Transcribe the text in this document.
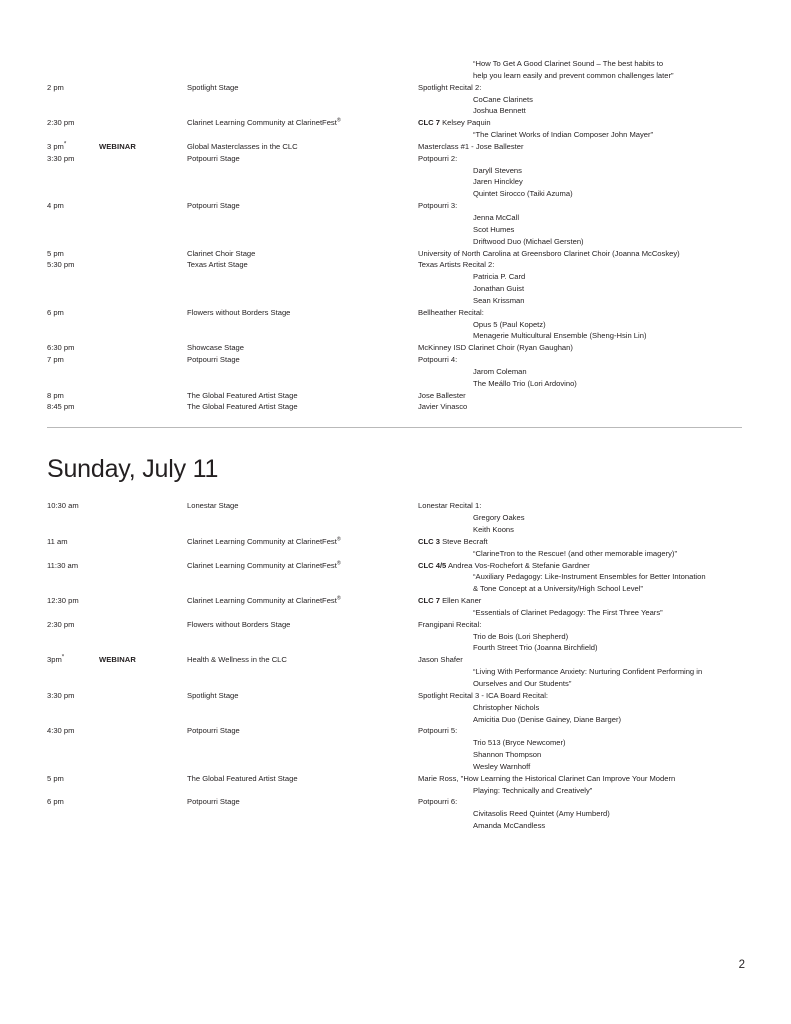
			“How To Get A Good Clarinet Sound – The best habits to
help you learn easily and prevent common challenges later”

2 pm		Spotlight Stage	Spotlight Recital 2:
CoCane Clarinets
Joshua Bennett

2:30 pm		Clarinet Learning Community at ClarinetFest®	CLC 7 Kelsey Paquin
“The Clarinet Works of Indian Composer John Mayer”

3 pm*	WEBINAR	Global Masterclasses in the CLC	Masterclass #1 - Jose Ballester

3:30 pm		Potpourri Stage	Potpourri 2:
Daryll Stevens
Jaren Hinckley
Quintet Sirocco (Taiki Azuma)

4 pm		Potpourri Stage	Potpourri 3:
Jenna McCall
Scot Humes
Driftwood Duo (Michael Gersten)

5 pm		Clarinet Choir Stage	University of North Carolina at Greensboro Clarinet Choir (Joanna McCoskey)

5:30 pm		Texas Artist Stage	Texas Artists Recital 2:
Patricia P. Card
Jonathan Guist
Sean Krissman

6 pm		Flowers without Borders Stage	Bellheather Recital:
Opus 5 (Paul Kopetz)
Menagerie Multicultural Ensemble (Sheng-Hsin Lin)

6:30 pm		Showcase Stage	McKinney ISD Clarinet Choir (Ryan Gaughan)

7 pm		Potpourri Stage	Potpourri 4:
Jarom Coleman
The Meállo Trio (Lori Ardovino)

8 pm		The Global Featured Artist Stage	Jose Ballester

8:45 pm		The Global Featured Artist Stage	Javier Vinasco
Sunday, July 11
10:30 am		Lonestar Stage	Lonestar Recital 1:
Gregory Oakes
Keith Koons

11 am		Clarinet Learning Community at ClarinetFest®	CLC 3 Steve Becraft
“ClarineTron to the Rescue! (and other memorable imagery)”

11:30 am		Clarinet Learning Community at ClarinetFest®	CLC 4/5 Andrea Vos-Rochefort & Stefanie Gardner
“Auxiliary Pedagogy: Like-Instrument Ensembles for Better Intonation
& Tone Concept at a University/High School Level”

12:30 pm		Clarinet Learning Community at ClarinetFest®	CLC 7 Ellen Kaner
“Essentials of Clarinet Pedagogy: The First Three Years”

2:30 pm		Flowers without Borders Stage	Frangipani Recital:
Trio de Bois (Lori Shepherd)
Fourth Street Trio (Joanna Birchfield)

3pm*	WEBINAR	Health & Wellness in the CLC	Jason Shafer
“Living With Performance Anxiety: Nurturing Confident Performing in
Ourselves and Our Students”

3:30 pm		Spotlight Stage	Spotlight Recital 3 - ICA Board Recital:
Christopher Nichols
Amicitia Duo (Denise Gainey, Diane Barger)

4:30 pm		Potpourri Stage	Potpourri 5:
Trio 513 (Bryce Newcomer)
Shannon Thompson
Wesley Warnhoff

5 pm		The Global Featured Artist Stage	Marie Ross, "How Learning the Historical Clarinet Can Improve Your Modern
Playing: Technically and Creatively”

6 pm		Potpourri Stage	Potpourri 6:
Civitasolis Reed Quintet (Amy Humberd)
Amanda McCandless
2
